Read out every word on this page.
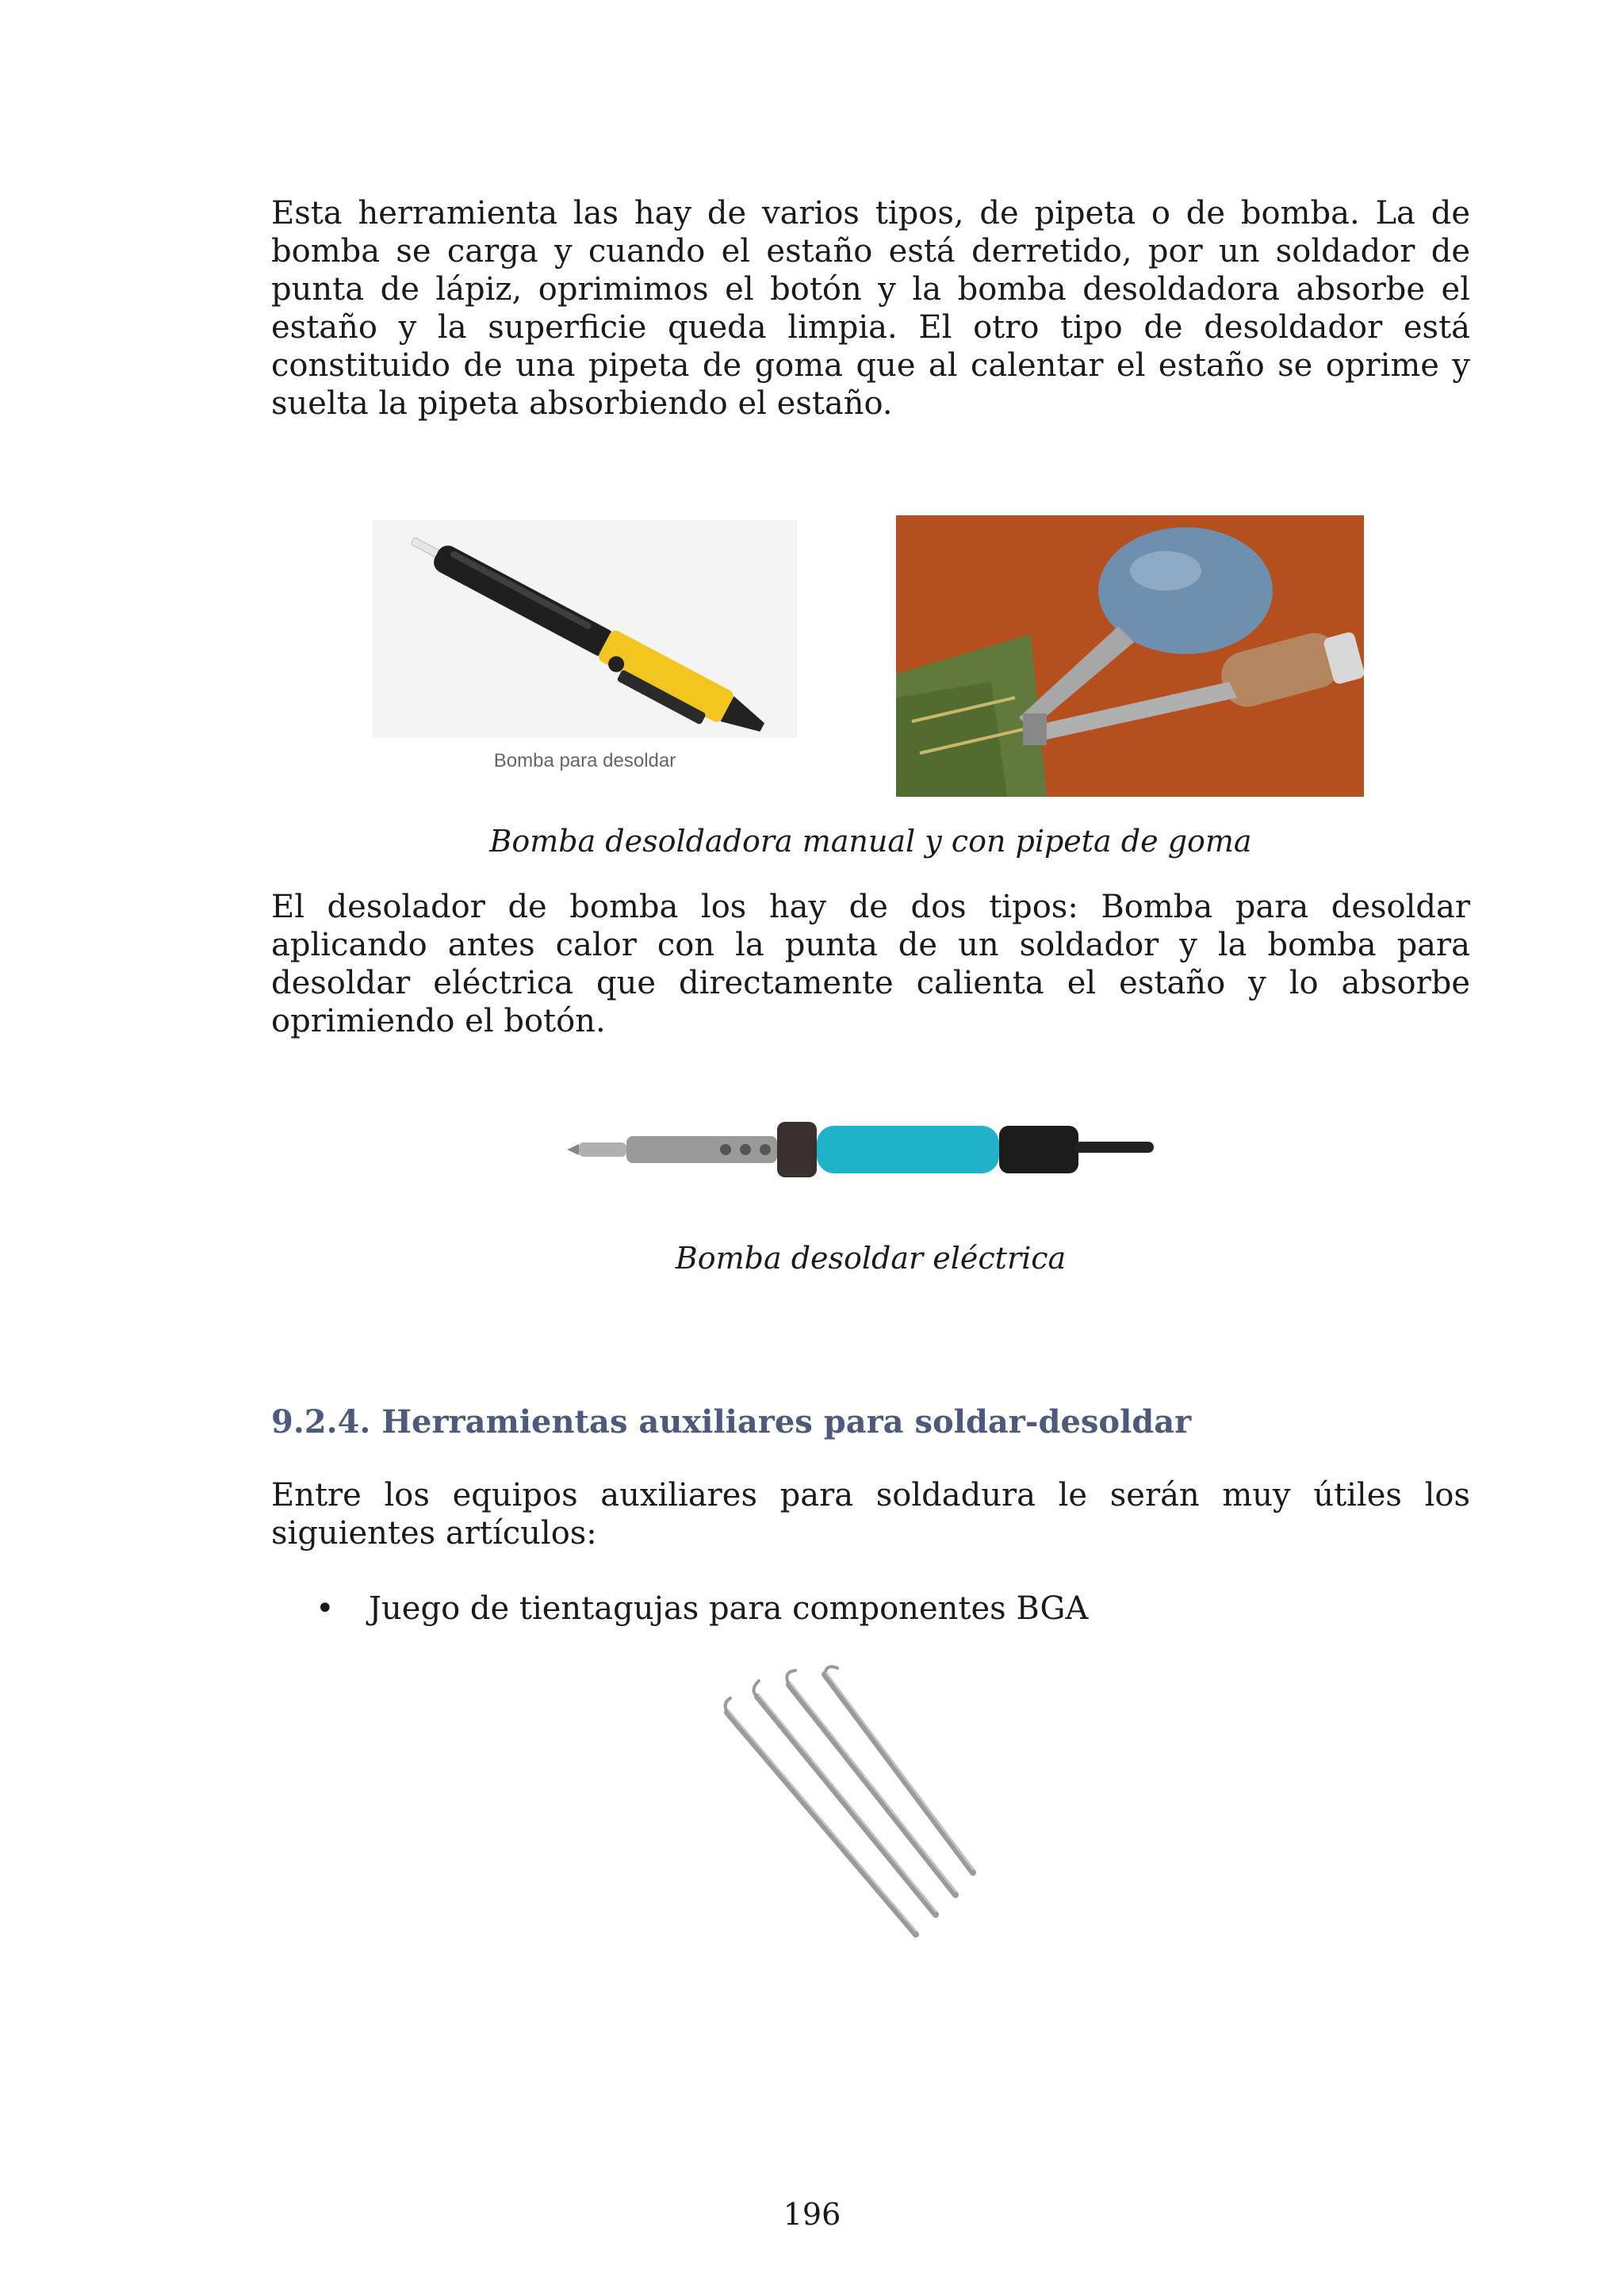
Esta herramienta las hay de varios tipos, de pipeta o de bomba. La de bomba se carga y cuando el estaño está derretido, por un soldador de punta de lápiz, oprimimos el botón y la bomba desoldadora absorbe el estaño y la superficie queda limpia. El otro tipo de desoldador está constituido de una pipeta de goma que al calentar el estaño se oprime y suelta la pipeta absorbiendo el estaño.

Bomba para desoldar

Bomba desoldadora manual y con pipeta de goma

El desolador de bomba los hay de dos tipos: Bomba para desoldar aplicando antes calor con la punta de un soldador y la bomba para desoldar eléctrica que directamente calienta el estaño y lo absorbe oprimiendo el botón.

Bomba desoldar eléctrica

9.2.4. Herramientas auxiliares para soldar-desoldar

Entre los equipos auxiliares para soldadura le serán muy útiles los siguientes artículos:

• Juego de tientagujas para componentes BGA
196
